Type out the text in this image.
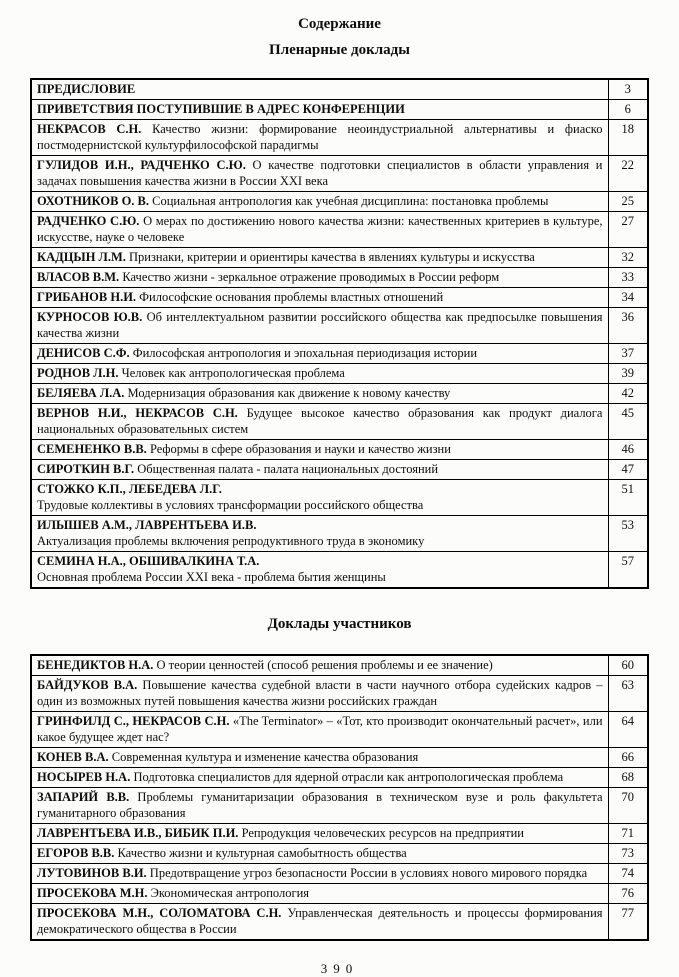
Содержание
Пленарные доклады
ПРЕДИСЛОВИЕ	3
ПРИВЕТСТВИЯ ПОСТУПИВШИЕ В АДРЕС КОНФЕРЕНЦИИ	6
НЕКРАСОВ С.Н. Качество жизни: формирование неоиндустриальной альтернативы и фиаско постмодернистской культурфилософской парадигмы	18
ГУЛИДОВ И.Н., РАДЧЕНКО С.Ю. О качестве подготовки специалистов в области управления и задачах повышения качества жизни в России XXI века	22
ОХОТНИКОВ О. В. Социальная антропология как учебная дисциплина: постановка проблемы	25
РАДЧЕНКО С.Ю. О мерах по достижению нового качества жизни: качественных критериев в культуре, искусстве, науке о человеке	27
КАДЦЫН Л.М. Признаки, критерии и ориентиры качества в явлениях культуры и искусства	32
ВЛАСОВ В.М. Качество жизни - зеркальное отражение проводимых в России реформ	33
ГРИБАНОВ Н.И. Философские основания проблемы властных отношений	34
КУРНОСОВ Ю.В. Об интеллектуальном развитии российского общества как предпосылке повышения качества жизни	36
ДЕНИСОВ С.Ф. Философская антропология и эпохальная периодизация истории	37
РОДНОВ Л.Н. Человек как антропологическая проблема	39
БЕЛЯЕВА Л.А. Модернизация образования как движение к новому качеству	42
ВЕРНОВ Н.И., НЕКРАСОВ С.Н. Будущее высокое качество образования как продукт диалога национальных образовательных систем	45
СЕМЕНЕНКО В.В. Реформы в сфере образования и науки и качество жизни	46
СИРОТКИН В.Г. Общественная палата - палата национальных достояний	47

СТОЖКО К.П., ЛЕБЕДЕВА Л.Г.
Трудовые коллективы в условиях трансформации российского общества	51

ИЛЫШЕВ А.М., ЛАВРЕНТЬЕВА И.В.
Актуализация проблемы включения репродуктивного труда в экономику	53

СЕМИНА Н.А., ОБШИВАЛКИНА Т.А.
Основная проблема России XXI века - проблема бытия женщины	57
Доклады участников
БЕНЕДИКТОВ Н.А. О теории ценностей (способ решения проблемы и ее значение)	60
БАЙДУКОВ В.А. Повышение качества судебной власти в части научного отбора судейских кадров – один из возможных путей повышения качества жизни российских граждан	63
ГРИНФИЛД С., НЕКРАСОВ С.Н. «The Terminator» – «Тот, кто производит окончательный расчет», или какое будущее ждет нас?	64
КОНЕВ В.А. Современная культура и изменение качества образования	66
НОСЫРЕВ Н.А. Подготовка специалистов для ядерной отрасли как антропологическая проблема	68
ЗАПАРИЙ В.В. Проблемы гуманитаризации образования в техническом вузе и роль факультета гуманитарного образования	70
ЛАВРЕНТЬЕВА И.В., БИБИК П.И. Репродукция человеческих ресурсов на предприятии	71
ЕГОРОВ В.В. Качество жизни и культурная самобытность общества	73
ЛУТОВИНОВ В.И. Предотвращение угроз безопасности России в условиях нового мирового порядка	74
ПРОСЕКОВА М.Н. Экономическая антропология	76
ПРОСЕКОВА М.Н., СОЛОМАТОВА С.Н. Управленческая деятельность и процессы формирования демократического общества в России	77
390
